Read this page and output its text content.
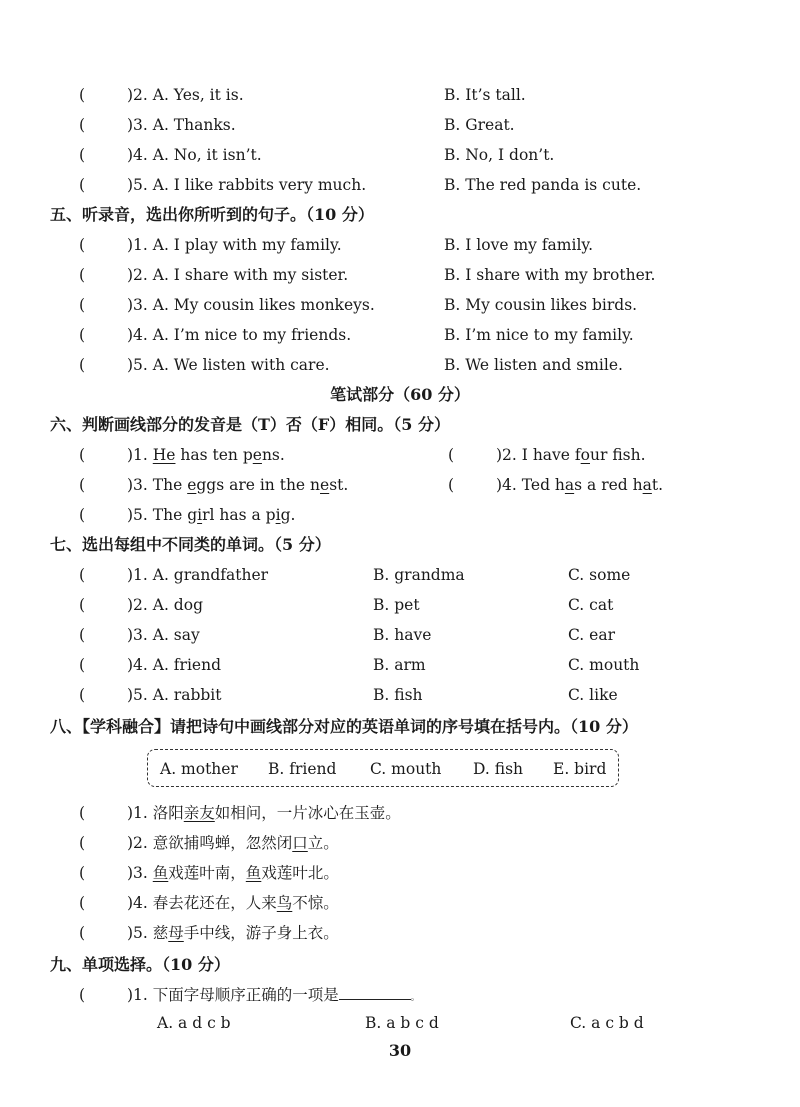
(	)2. A. Yes, it is.	B. It’s tall.
(	)3. A. Thanks.	B. Great.
(	)4. A. No, it isn’t.	B. No, I don’t.
(	)5. A. I like rabbits very much.	B. The red panda is cute.
五、听录音，选出你所听到的句子。（10 分）
(	)1. A. I play with my family.	B. I love my family.
(	)2. A. I share with my sister.	B. I share with my brother.
(	)3. A. My cousin likes monkeys.	B. My cousin likes birds.
(	)4. A. I’m nice to my friends.	B. I’m nice to my family.
(	)5. A. We listen with care.	B. We listen and smile.
笔试部分（60 分）
六、判断画线部分的发音是（T）否（F）相同。（5 分）
(	)1. He has ten pens.	(	)2. I have four fsh.
(	)3. The eggs are in the nest.	(	)4. Ted has a red hat.
(	)5. The girl has a pig.
七、选出每组中不同类的单词。（5 分）
(	)1. A. grandfather	B. grandma	C. some
(	)2. A. dog	B. pet	C. cat
(	)3. A. say	B. have	C. ear
(	)4. A. friend	B. arm	C. mouth
(	)5. A. rabbit	B. fish	C. like
八、【学科融合】请把诗句中画线部分对应的英语单词的序号填在括号内。（10 分）
A. mother B. friend C. mouth D. fish E. bird
(	)1. 洛阳亲友如相问，一片冰心在玉壶。
(	)2. 意欲捕鸣蝉，忽然闭口立。
(	)3. 鱼戏莲叶南，鱼戏莲叶北。
(	)4. 春去花还在，人来鸟不惊。
(	)5. 慈母手中线，游子身上衣。
九、单项选择。（10 分）
(	)1. 下面字母顺序正确的一项是	。
A. a d c b	B. a b c d	C. a c b d
30
